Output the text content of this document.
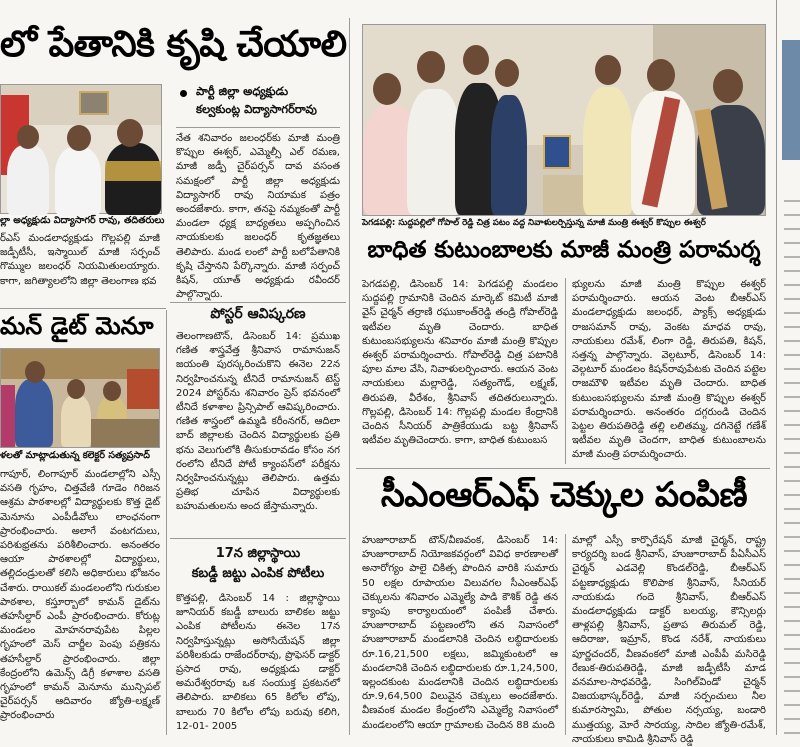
లో పేతానికి కృషి చేయాలి
ల్లా అధ్యక్షుడు విద్యాసాగర్ రావు, తదితరులు
ర్ఎస్ మండలాధ్యక్షుడు గొల్లపల్లి మాజీ జడ్పీటీసీ, ఇస్మాయిల్ మాజీ సర్పంచ్ గొమ్ముల జలంధర్ నియమితులయ్యారు. కాగా, జగిత్యాలలోని జిల్లా తెలంగాణ భవ
మన్ డైట్ మెనూ
ళలతో మాట్లాడుతున్న కలెక్టర్ సత్యప్రసాద్
గాపూర్, లింగాపూర్ మండలాల్లోని ఎస్సీ వసతి గృహం, చిత్తవేణి గూడెం గిరిజన ఆశ్రమ పాఠశాలల్లో విద్యార్థులకు కొత్త డైట్ మెనూను ఎంపీడీవోలు లాంఛనంగా ప్రారంభించారు. అలాగే వంటగదులు, పరిశుభ్రతను పరిశీలించారు. అనంతరం ఆయా పాఠశాలల్లో విద్యార్థులు, తల్లిదండ్రులతో కలిసి అధికారులు భోజనం చేశారు. రాయికల్ మండలంలోని గురుకుల పాఠశాల, కస్తూర్బాలో కామన్ డైట్‌ను తహసీల్దార్ ఎంపీ ప్రారంభించారు. కోరుట్ల మండలం మోహనరావుపేట పిల్లల గృహంలో మెస్ చార్జీల పెంపు పత్రికను తహసీల్దార్ ప్రారంభించారు. జిల్లా కేంద్రంలోని ఉమెన్స్ డిగ్రీ కళాశాల వసతి గృహంలో కామన్ మెనూను మున్సిపల్ చైర్‌పర్సన్ ఆదివారం జ్యోతి-లక్ష్మణ్ ప్రారంభించారు
పార్టీ జిల్లా అధ్యక్షుడు
కల్వకుంట్ల విద్యాసాగర్‌రావు
నేత శనివారం జలంధర్‌కు మాజీ మంత్రి కొప్పుల ఈశ్వర్, ఎమ్మెల్సీ ఎల్ రమణ, మాజీ జడ్పీ చైర్‌పర్సన్ దావ వసంత సమక్షంలో పార్టీ జిల్లా అధ్యక్షుడు విద్యాసాగర్ రావు నియామక పత్రం అందజేశారు. కాగా, తనపై నమ్మకంతో పార్టీ మండలా ధ్యక్ష బాధ్యతలు అప్పగించిన నాయకులకు జలంధర్ కృతజ్ఞతలు తెలిపారు. మండ లంలో పార్టీ బలోపేతానికి కృషి చేస్తానని పేర్కొన్నారు. మాజీ సర్పంచ్ కిషన్, యూత్ అధ్యక్షుడు రవీందర్ పాల్గొన్నారు.
పోస్టర్ ఆవిష్కరణ
తెలంగాణ‌టౌన్, డిసెంబర్ 14: ప్రముఖ గణిత శాస్త్రవేత్త శ్రీనివాస రామానుజన్ జయంతి పురస్కరించుకొని ఈనెల 22న నిర్వహించనున్న టీనిదే రామానుజన్ టెస్ట్ 2024 పోస్టర్‌ను శనివారం ప్రెస్ భవనంలో టీనిదే కళాశాల ప్రిన్సిపాల్ ఆవిష్కరించారు. గణిత శాస్త్రంలో ఉమ్మడి కరీంనగర్, ఆదిలా బాద్ జిల్లాలకు చెందిన విద్యార్థులకు ప్రతి భను వెలుగులోకి తీసుకురావడం కోసం నగ రంలోని టీనిదే పోటీ క్యాంపస్‌లో పరీక్షను నిర్వహించనున్నట్లు తెలిపారు. ఉత్తమ ప్రతిభ చూపిన విద్యార్థులకు బహుమతులను అంద జేస్తామన్నారు.
17న జిల్లాస్థాయి
కబడ్డీ జట్టు ఎంపిక పోటీలు
కొత్తపల్లి, డిసెంబర్ 14 : జిల్లాస్థాయి జూనియర్ కబడ్డీ బాలురు బాలికల జట్టు ఎంపిక పోటీలను ఈనెల 17న నిర్వహిస్తున్నట్లు అసోసియేషన్ జిల్లా పరిశీలకుడు రాజేందర్‌రావు, ప్రొఫెసర్ డాక్టర్ ప్రసాద రావు, అధ్యక్షుడు డాక్టర్ అమరేశ్వరరావు ఒక సంయుక్త ప్రకటనలో తెలిపారు. బాలికలు 65 కిలోల లోపు, బాలురు 70 కిలోల లోపు బరువు కలిగి, 12-01- 2005
పెగడపల్లి: సుద్దపల్లిలో గోపాల్ రెడ్డి చిత్ర పటం వద్ద నివాళులర్పిస్తున్న మాజీ మంత్రి ఈశ్వర్ కొప్పుల ఈశ్వర్
బాధిత కుటుంబాలకు మాజీ మంత్రి పరామర్శ
పెగడపల్లి, డిసెంబర్ 14: పెగడపల్లి మండలం సుద్దపల్లి గ్రామానికి చెందిన మార్కెట్ కమిటీ మాజీ వైస్ చైర్మన్ తర్రాణి రఘుకాంత్‌రెడ్డి తండ్రి గోపాల్‌రెడ్డి ఇటీవల మృతి చెందారు. బాధిత కుటుంబసభ్యులను శనివారం మాజీ మంత్రి కొప్పుల ఈశ్వర్ పరామర్శించారు. గోపాల్‌రెడ్డి చిత్ర పటానికి పూల మాల వేసి, నివాళులర్పించారు. ఆయన వెంట నాయకులు మల్లారెడ్డి, సత్యంగౌడ్, లక్ష్మణ్, తిరుపతి, వీరేశం, శ్రీనివాస్ తదితరులున్నారు. గొల్లపల్లి, డిసెంబర్ 14: గొల్లపల్లి మండల కేంద్రానికి చెందిన సీనియర్ పాత్రికేయుడు బట్ట శ్రీనివాస్ ఇటీవల మృతిచెందారు. కాగా, బాధిత కుటుంబస
భ్యులను మాజీ మంత్రి కొప్పుల ఈశ్వర్ పరామర్శించారు. ఆయన వెంట బీఆర్ఎస్ మండలాధ్యక్షుడు జలంధర్, ప్యాక్స్ అధ్యక్షుడు రాజసమాన్ రావు, వెంకట మాధవ రావు, నాయకులు రమేశ్, లింగా రెడ్డి, తిరుపతి, కిషన్, సత్తన్న పాల్గొన్నారు. వెల్గటూర్, డిసెంబర్ 14: వెల్గటూర్ మండలం కిషన్‌రావుపేటకు చెందిన పట్టెల రాజమౌళి ఇటీవల మృతి చెందారు. బాధిత కుటుంబసభ్యులను మాజీ మంత్రి కొప్పుల ఈశ్వర్ పరామర్శించారు. అనంతరం దగ్గరుండి చెందిన పెట్టల తిరుపతిరెడ్డి తల్లి లలితమ్మ, దగినెట్టే గణేశ్ ఇటీవల మృతి చెందగా, బాధిత కుటుంబాలను మాజీ మంత్రి పరామర్శించారు.
సీఎంఆర్ఎఫ్ చెక్కుల పంపిణీ
హుజూరాబాద్ టౌన్/వీణవంక, డిసెంబర్ 14: హుజూరాబాద్ నియోజకవర్గంలో వివిధ కారణాలతో అనారోగ్యం పాలై చికిత్స పొందిన వారికి సుమారు 50 లక్షల రూపాయల విలువగల సీఎంఆర్ఎఫ్ చెక్కులను శనివారం ఎమ్మెల్యే పాడి కౌశిక్ రెడ్డి తన క్యాంపు కార్యాలయంలో పంపిణీ చేశారు. హుజూరాబాద్ పట్టణంలోని తన నివాసంలో హుజూరాబాద్ మండలానికి చెందిన లబ్ధిదారులకు రూ.16,21,500 లక్షలు, జమ్మికుంటలో ఆ మండలానికి చెందిన లబ్ధిదారులకు రూ.1,24,500, ఇల్లందకుంట మండలానికి చెందిన లబ్ధిదారులకు రూ.9,64,500 విలువైన చెక్కులు అందజేశారు. వీణవంక మండల కేంద్రంలోని ఎమ్మెల్యే నివాసంలో మండలంలోని ఆయా గ్రామాలకు చెందిన 88 మంది
మాల్లో ఎస్సీ కార్పొరేషన్ మాజీ చైర్మన్, రాష్ట్ర కార్యదర్శి బండ శ్రీనివాస్, హుజూరాబాద్ పీఏసీఎస్ చైర్మన్ ఎడవెల్లి కొండల్‌రెడ్డి, బీఆర్ఎస్ పట్టణాధ్యక్షుడు కొలిపాక శ్రీనివాస్, సీనియర్ నాయకుడు గందె శ్రీనివాస్, బీఆర్ఎస్ మండలాధ్యక్షుడు డాక్టర్ బలయ్య, కౌన్సిలర్లు తాళ్లపల్లి శ్రీనివాస్, ప్రతాప తిరుమల్ రెడ్డి, ఆదిరాజు, ఇమ్రాన్, కొండ నరేశ్, నాయకులు పూర్ణచందర్, వీణవంకలో మాజీ ఎంపీపీ మసిరెడ్డి రేణుక-తిరుపతిరెడ్డి, మాజీ జడ్పీటీసీ మాడ వనమాల-సాధవరెడ్డి, సింగిల్‌విండో చైర్మన్ విజయభాస్కర్‌రెడ్డి, మాజీ సర్పంచులు నీల కుమారస్వామి, పోతుల నర్సయ్య, బండారి ముత్తయ్య, మోరే సారయ్య, సాదిల జ్యోతి-రమేశ్, నాయకులు కామిడి శ్రీనివాస్ రెడ్డి
